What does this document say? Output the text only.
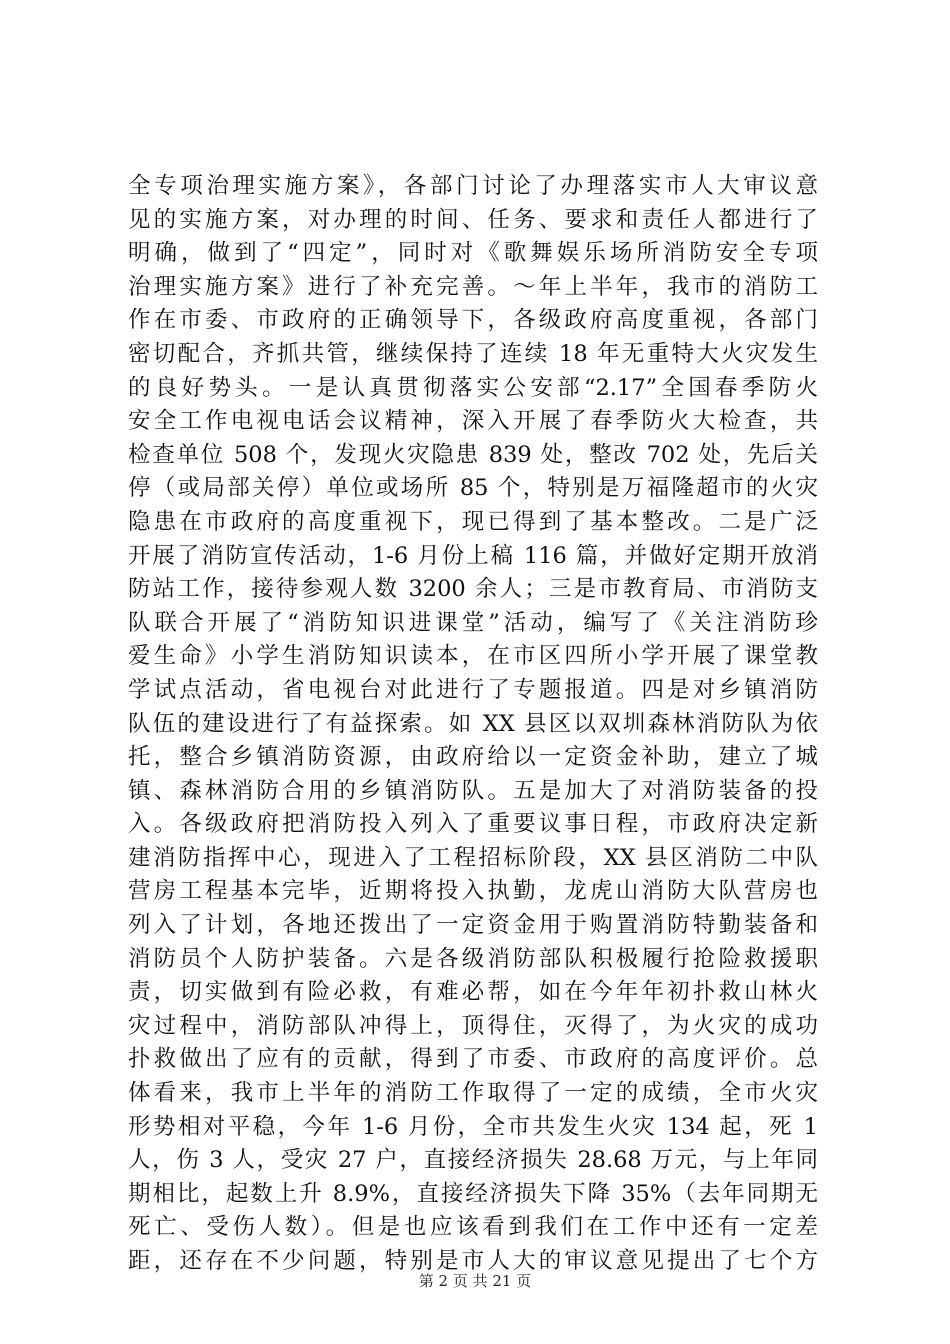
全专项治理实施方案》，各部门讨论了办理落实市人大审议意
见的实施方案，对办理的时间、任务、要求和责任人都进行了
明确，做到了“四定”，同时对《歌舞娱乐场所消防安全专项
治理实施方案》进行了补充完善。～年上半年，我市的消防工
作在市委、市政府的正确领导下，各级政府高度重视，各部门
密切配合，齐抓共管，继续保持了连续 18 年无重特大火灾发生
的良好势头。一是认真贯彻落实公安部“2.17”全国春季防火
安全工作电视电话会议精神，深入开展了春季防火大检查，共
检查单位 508 个，发现火灾隐患 839 处，整改 702 处，先后关
停（或局部关停）单位或场所 85 个，特别是万福隆超市的火灾
隐患在市政府的高度重视下，现已得到了基本整改。二是广泛
开展了消防宣传活动，1-6 月份上稿 116 篇，并做好定期开放消
防站工作，接待参观人数 3200 余人；三是市教育局、市消防支
队联合开展了“消防知识进课堂”活动，编写了《关注消防珍
爱生命》小学生消防知识读本，在市区四所小学开展了课堂教
学试点活动，省电视台对此进行了专题报道。四是对乡镇消防
队伍的建设进行了有益探索。如 XX 县区以双圳森林消防队为依
托，整合乡镇消防资源，由政府给以一定资金补助，建立了城
镇、森林消防合用的乡镇消防队。五是加大了对消防装备的投
入。各级政府把消防投入列入了重要议事日程，市政府决定新
建消防指挥中心，现进入了工程招标阶段，XX 县区消防二中队
营房工程基本完毕，近期将投入执勤，龙虎山消防大队营房也
列入了计划，各地还拨出了一定资金用于购置消防特勤装备和
消防员个人防护装备。六是各级消防部队积极履行抢险救援职
责，切实做到有险必救，有难必帮，如在今年年初扑救山林火
灾过程中，消防部队冲得上，顶得住，灭得了，为火灾的成功
扑救做出了应有的贡献，得到了市委、市政府的高度评价。总
体看来，我市上半年的消防工作取得了一定的成绩，全市火灾
形势相对平稳，今年 1-6 月份，全市共发生火灾 134 起，死 1
人，伤 3 人，受灾 27 户，直接经济损失 28.68 万元，与上年同
期相比，起数上升 8.9%，直接经济损失下降 35%（去年同期无
死亡、受伤人数）。但是也应该看到我们在工作中还有一定差
距，还存在不少问题，特别是市人大的审议意见提出了七个方
第 2 页 共 21 页
